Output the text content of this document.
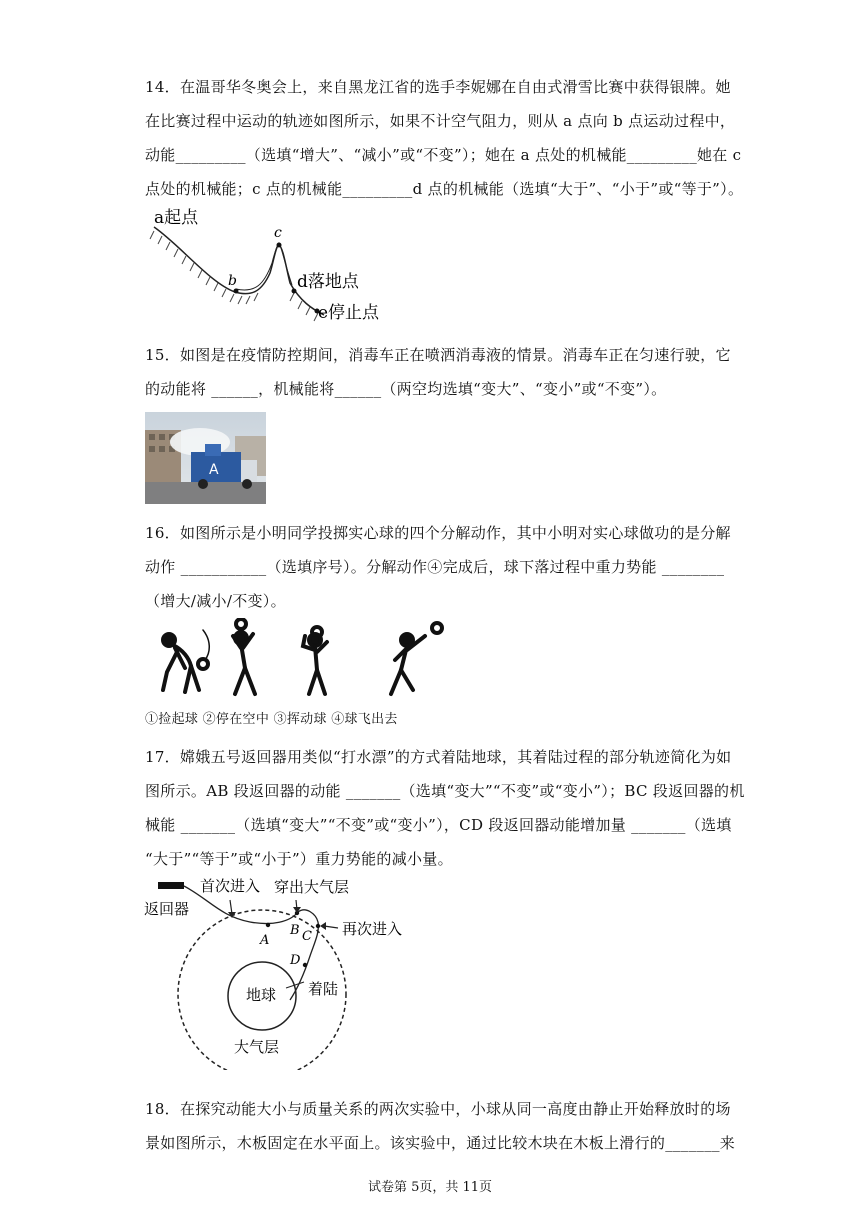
14．在温哥华冬奥会上，来自黑龙江省的选手李妮娜在自由式滑雪比赛中获得银牌。她
在比赛过程中运动的轨迹如图所示，如果不计空气阻力，则从 a 点向 b 点运动过程中，
动能_________（选填“增大”、“减小”或“不变”）；她在 a 点处的机械能_________她在 c
点处的机械能；c 点的机械能_________d 点的机械能（选填“大于”、“小于”或“等于”）。
a起点
b
c
d落地点
e停止点
15．如图是在疫情防控期间，消毒车正在喷洒消毒液的情景。消毒车正在匀速行驶，它
的动能将 ______，机械能将______（两空均选填“变大”、“变小”或“不变”）。
A
16．如图所示是小明同学投掷实心球的四个分解动作，其中小明对实心球做功的是分解
动作 ___________（选填序号）。分解动作④完成后，球下落过程中重力势能 ________
（增大/减小/不变）。
①捡起球 ②停在空中 ③挥动球 ④球飞出去
17．嫦娥五号返回器用类似“打水漂”的方式着陆地球，其着陆过程的部分轨迹简化为如
图所示。AB 段返回器的动能 _______（选填“变大”“不变”或“变小”）；BC 段返回器的机
械能 _______（选填“变大”“不变”或“变小”），CD 段返回器动能增加量 _______（选填
“大于”“等于”或“小于”）重力势能的减小量。
首次进入 穿出大气层
返回器
再次进入
A
B C
D
地球 着陆
大气层
18．在探究动能大小与质量关系的两次实验中，小球从同一高度由静止开始释放时的场
景如图所示，木板固定在水平面上。该实验中，通过比较木块在木板上滑行的_______来
试卷第 5页，共 11页
